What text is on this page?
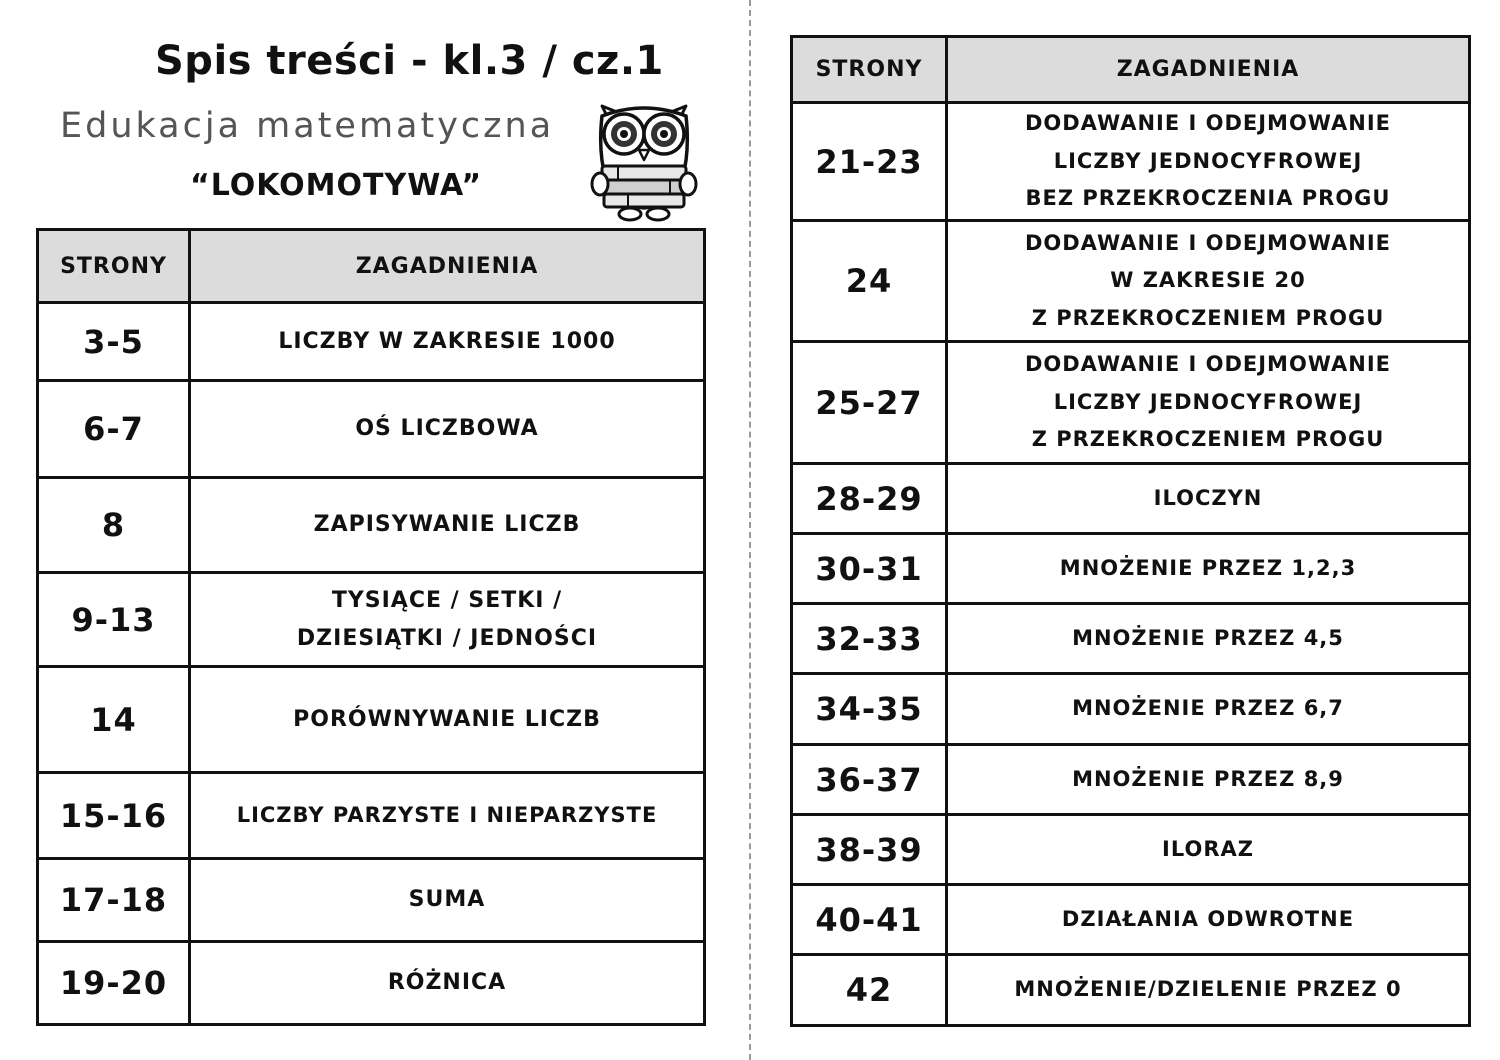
Spis treści - kl.3 / cz.1
Edukacja matematyczna
“LOKOMOTYWA”
STRONY	ZAGADNIENIA
3-5	LICZBY W ZAKRESIE 1000
6-7	OŚ LICZBOWA
8	ZAPISYWANIE LICZB
9-13	TYSIĄCE / SETKI /
DZIESIĄTKI / JEDNOŚCI
14	PORÓWNYWANIE LICZB
15-16	LICZBY PARZYSTE I NIEPARZYSTE
17-18	SUMA
19-20	RÓŻNICA
STRONY	ZAGADNIENIA
21-23	DODAWANIE I ODEJMOWANIE
LICZBY JEDNOCYFROWEJ
BEZ PRZEKROCZENIA PROGU
24	DODAWANIE I ODEJMOWANIE
W ZAKRESIE 20
Z PRZEKROCZENIEM PROGU
25-27	DODAWANIE I ODEJMOWANIE
LICZBY JEDNOCYFROWEJ
Z PRZEKROCZENIEM PROGU
28-29	ILOCZYN
30-31	MNOŻENIE PRZEZ 1,2,3
32-33	MNOŻENIE PRZEZ 4,5
34-35	MNOŻENIE PRZEZ 6,7
36-37	MNOŻENIE PRZEZ 8,9
38-39	ILORAZ
40-41	DZIAŁANIA ODWROTNE
42	MNOŻENIE/DZIELENIE PRZEZ 0
